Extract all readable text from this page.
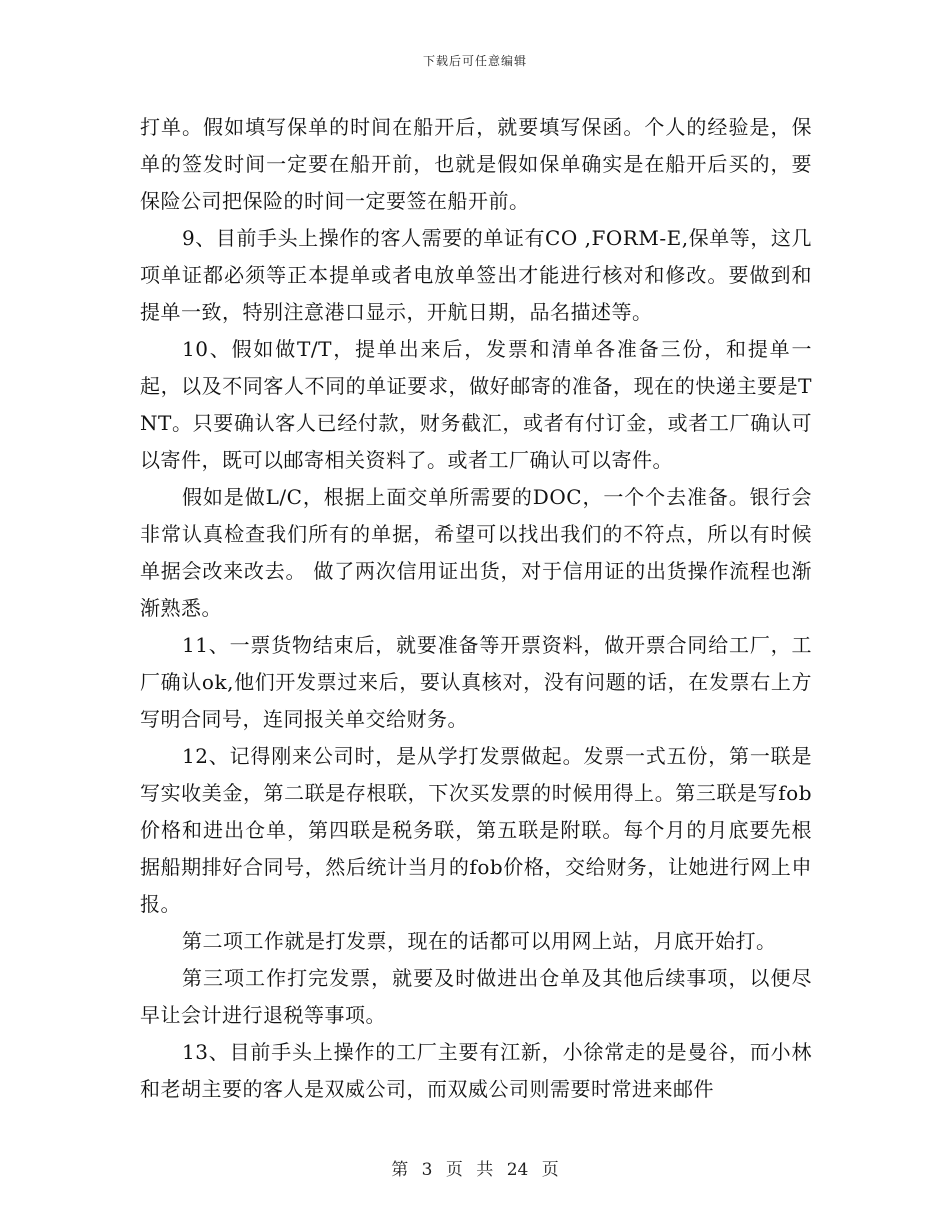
下载后可任意编辑

打单。假如填写保单的时间在船开后，就要填写保函。个人的经验是，保单的签发时间一定要在船开前，也就是假如保单确实是在船开后买的，要保险公司把保险的时间一定要签在船开前。

9、目前手头上操作的客人需要的单证有CO ,FORM-E,保单等，这几项单证都必须等正本提单或者电放单签出才能进行核对和修改。要做到和提单一致，特别注意港口显示，开航日期，品名描述等。

10、假如做T/T，提单出来后，发票和清单各准备三份，和提单一起，以及不同客人不同的单证要求，做好邮寄的准备，现在的快递主要是TNT。只要确认客人已经付款，财务截汇，或者有付订金，或者工厂确认可以寄件，既可以邮寄相关资料了。或者工厂确认可以寄件。

假如是做L/C，根据上面交单所需要的DOC，一个个去准备。银行会非常认真检查我们所有的单据，希望可以找出我们的不符点，所以有时候单据会改来改去。 做了两次信用证出货，对于信用证的出货操作流程也渐渐熟悉。

11、一票货物结束后，就要准备等开票资料，做开票合同给工厂，工厂确认ok,他们开发票过来后，要认真核对，没有问题的话，在发票右上方写明合同号，连同报关单交给财务。

12、记得刚来公司时，是从学打发票做起。发票一式五份，第一联是写实收美金，第二联是存根联，下次买发票的时候用得上。第三联是写fob价格和进出仓单，第四联是税务联，第五联是附联。每个月的月底要先根据船期排好合同号，然后统计当月的fob价格，交给财务，让她进行网上申报。

第二项工作就是打发票，现在的话都可以用网上站，月底开始打。

第三项工作打完发票，就要及时做进出仓单及其他后续事项，以便尽早让会计进行退税等事项。

13、目前手头上操作的工厂主要有江新，小徐常走的是曼谷，而小林和老胡主要的客人是双威公司，而双威公司则需要时常进来邮件

第 3 页 共 24 页
